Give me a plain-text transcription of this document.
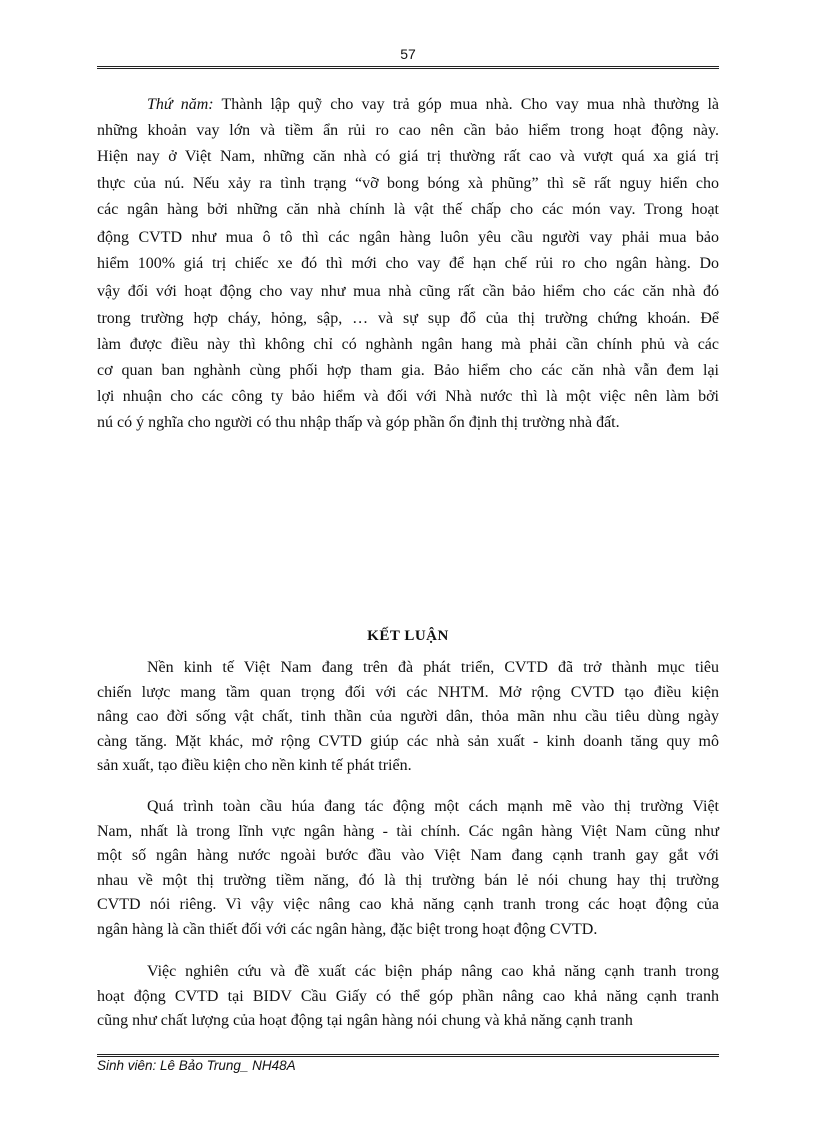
57
Thứ năm: Thành lập quỹ cho vay trả góp mua nhà. Cho vay mua nhà thường là
những khoản vay lớn và tiềm ẩn rủi ro cao nên cần bảo hiểm trong hoạt động này.
Hiện nay ở Việt Nam, những căn nhà có giá trị thường rất cao và vượt quá xa giá trị
thực của nú. Nếu xảy ra tình trạng “vỡ bong bóng xà phũng” thì sẽ rất nguy hiển cho
các ngân hàng bởi những căn nhà chính là vật thế chấp cho các món vay. Trong hoạt
động CVTD như mua ô tô thì các ngân hàng luôn yêu cầu người vay phải mua bảo
hiểm 100% giá trị chiếc xe đó thì mới cho vay để hạn chế rủi ro cho ngân hàng. Do
vậy đối với hoạt động cho vay như mua nhà cũng rất cần bảo hiểm cho các căn nhà đó
trong trường hợp cháy, hỏng, sập, … và sự sụp đổ của thị trường chứng khoán. Để
làm được điều này thì không chỉ có nghành ngân hang mà phải cần chính phủ và các
cơ quan ban nghành cùng phối hợp tham gia. Bảo hiểm cho các căn nhà vẫn đem lại
lợi nhuận cho các công ty bảo hiểm và đối với Nhà nước thì là một việc nên làm bởi
nú có ý nghĩa cho người có thu nhập thấp và góp phần ổn định thị trường nhà đất.
KẾT LUẬN
Nền kinh tế Việt Nam đang trên đà phát triển, CVTD đã trở thành mục tiêu
chiến lược mang tầm quan trọng đối với các NHTM. Mở rộng CVTD tạo điều kiện
nâng cao đời sống vật chất, tinh thần của người dân, thỏa mãn nhu cầu tiêu dùng ngày
càng tăng. Mặt khác, mở rộng CVTD giúp các nhà sản xuất - kinh doanh tăng quy mô
sản xuất, tạo điều kiện cho nền kinh tế phát triển.
Quá trình toàn cầu húa đang tác động một cách mạnh mẽ vào thị trường Việt
Nam, nhất là trong lĩnh vực ngân hàng - tài chính. Các ngân hàng Việt Nam cũng như
một số ngân hàng nước ngoài bước đầu vào Việt Nam đang cạnh tranh gay gắt với
nhau về một thị trường tiềm năng, đó là thị trường bán lẻ nói chung hay thị trường
CVTD nói riêng. Vì vậy việc nâng cao khả năng cạnh tranh trong các hoạt động của
ngân hàng là cần thiết đối với các ngân hàng, đặc biệt trong hoạt động CVTD.
Việc nghiên cứu và đề xuất các biện pháp nâng cao khả năng cạnh tranh trong
hoạt động CVTD tại BIDV Cầu Giấy có thể góp phần nâng cao khả năng cạnh tranh
cũng như chất lượng của hoạt động tại ngân hàng nói chung và khả năng cạnh tranh
Sinh viên: Lê Bảo Trung_ NH48A
